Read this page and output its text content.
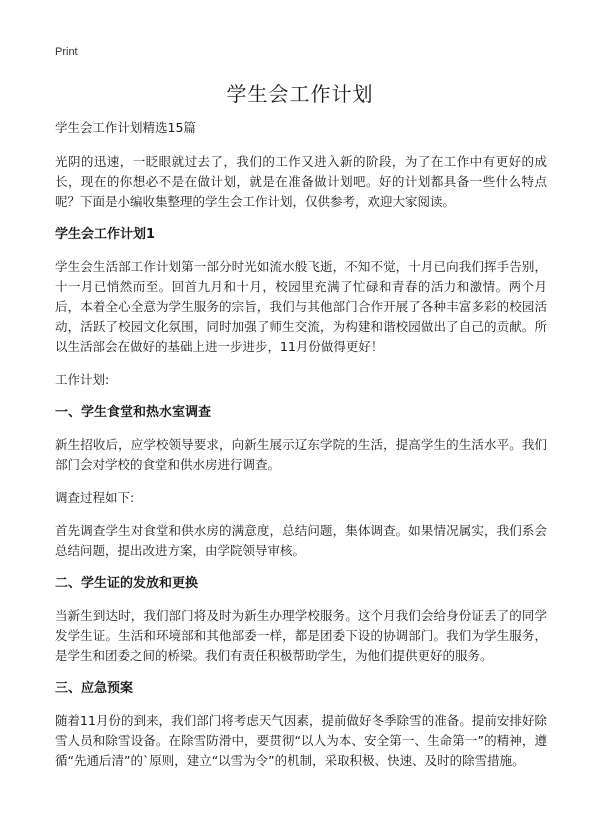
Print
学生会工作计划

学生会工作计划精选15篇

光阴的迅速，一眨眼就过去了，我们的工作又进入新的阶段，为了在工作中有更好的成长，现在的你想必不是在做计划，就是在准备做计划吧。好的计划都具备一些什么特点呢？下面是小编收集整理的学生会工作计划，仅供参考，欢迎大家阅读。

学生会工作计划1

学生会生活部工作计划第一部分时光如流水般飞逝，不知不觉，十月已向我们挥手告别，十一月已悄然而至。回首九月和十月，校园里充满了忙碌和青春的活力和激情。两个月后，本着全心全意为学生服务的宗旨，我们与其他部门合作开展了各种丰富多彩的校园活动，活跃了校园文化氛围，同时加强了师生交流，为构建和谐校园做出了自己的贡献。所以生活部会在做好的基础上进一步进步，11月份做得更好！

工作计划:

一、学生食堂和热水室调查

新生招收后，应学校领导要求，向新生展示辽东学院的生活，提高学生的生活水平。我们部门会对学校的食堂和供水房进行调查。

调查过程如下:

首先调查学生对食堂和供水房的满意度，总结问题，集体调查。如果情况属实，我们系会总结问题，提出改进方案，由学院领导审核。

二、学生证的发放和更换

当新生到达时，我们部门将及时为新生办理学校服务。这个月我们会给身份证丢了的同学发学生证。生活和环境部和其他部委一样，都是团委下设的协调部门。我们为学生服务，是学生和团委之间的桥梁。我们有责任积极帮助学生，为他们提供更好的服务。

三、应急预案

随着11月份的到来，我们部门将考虑天气因素，提前做好冬季除雪的准备。提前安排好除雪人员和除雪设备。在除雪防滑中，要贯彻“以人为本、安全第一、生命第一”的精神，遵循“先通后清”的`原则，建立“以雪为令”的机制，采取积极、快速、及时的除雪措施。
